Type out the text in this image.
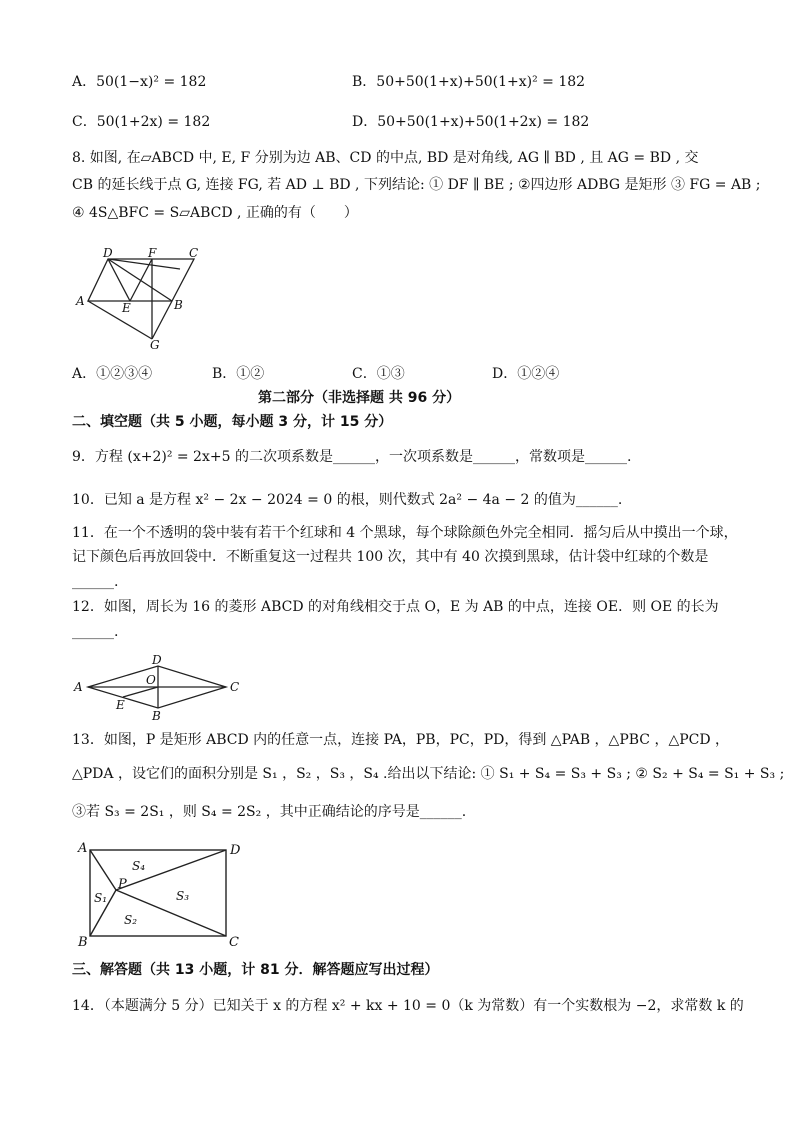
A．50(1−x)² = 182	B．50+50(1+x)+50(1+x)² = 182
C．50(1+2x) = 182	D．50+50(1+x)+50(1+2x) = 182
8. 如图, 在▱ABCD 中, E, F 分别为边 AB、CD 的中点, BD 是对角线, AG ∥ BD , 且 AG = BD , 交
CB 的延长线于点 G, 连接 FG, 若 AD ⊥ BD , 下列结论: ① DF ∥ BE ; ②四边形 ADBG 是矩形 ③ FG = AB ;
④ 4S△BFC = S▱ABCD , 正确的有（　　）
D	F	C
A	E	B
G
A．①②③④	B．①②	C．①③	D．①②④
第二部分（非选择题 共 96 分）
二、填空题（共 5 小题，每小题 3 分，计 15 分）
9．方程 (x+2)² = 2x+5 的二次项系数是______，一次项系数是______，常数项是______.
10．已知 a 是方程 x² − 2x − 2024 = 0 的根，则代数式 2a² − 4a − 2 的值为______.
11．在一个不透明的袋中装有若干个红球和 4 个黑球，每个球除颜色外完全相同．摇匀后从中摸出一个球，
记下颜色后再放回袋中．不断重复这一过程共 100 次，其中有 40 次摸到黑球，估计袋中红球的个数是
______.
12．如图，周长为 16 的菱形 ABCD 的对角线相交于点 O，E 为 AB 的中点，连接 OE．则 OE 的长为
______.
A
D
C
O
E
B
13．如图，P 是矩形 ABCD 内的任意一点，连接 PA，PB，PC，PD，得到 △PAB ，△PBC ，△PCD ，
△PDA ，设它们的面积分别是 S₁ ，S₂ ，S₃ ，S₄ .给出以下结论: ① S₁ + S₄ = S₃ + S₃ ; ② S₂ + S₄ = S₁ + S₃ ;
③若 S₃ = 2S₁ ，则 S₄ = 2S₂ ，其中正确结论的序号是______.
A	D
B	C
P
S₄
S₁	S₃
S₂
三、解答题（共 13 小题，计 81 分．解答题应写出过程）
14．（本题满分 5 分）已知关于 x 的方程 x² + kx + 10 = 0（k 为常数）有一个实数根为 −2，求常数 k 的
